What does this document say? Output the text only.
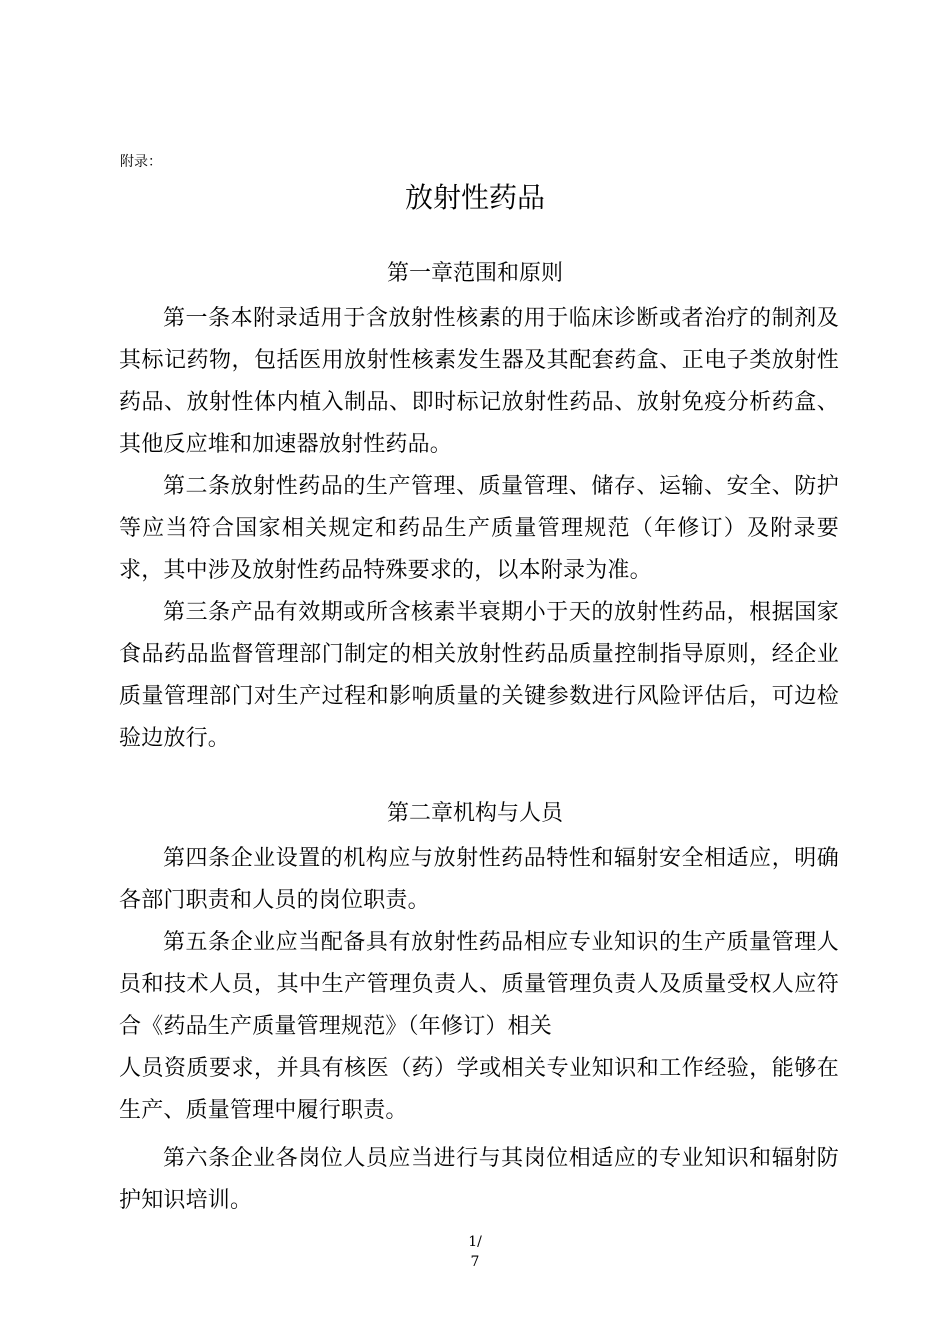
附录：
放射性药品
第一章范围和原则
第一条本附录适用于含放射性核素的用于临床诊断或者治疗的制剂及其标记药物，包括医用放射性核素发生器及其配套药盒、正电子类放射性药品、放射性体内植入制品、即时标记放射性药品、放射免疫分析药盒、其他反应堆和加速器放射性药品。
第二条放射性药品的生产管理、质量管理、储存、运输、安全、防护等应当符合国家相关规定和药品生产质量管理规范（年修订）及附录要求，其中涉及放射性药品特殊要求的，以本附录为准。
第三条产品有效期或所含核素半衰期小于天的放射性药品，根据国家食品药品监督管理部门制定的相关放射性药品质量控制指导原则，经企业质量管理部门对生产过程和影响质量的关键参数进行风险评估后，可边检验边放行。
第二章机构与人员
第四条企业设置的机构应与放射性药品特性和辐射安全相适应，明确各部门职责和人员的岗位职责。
第五条企业应当配备具有放射性药品相应专业知识的生产质量管理人员和技术人员，其中生产管理负责人、质量管理负责人及质量受权人应符合《药品生产质量管理规范》（年修订）相关
人员资质要求，并具有核医（药）学或相关专业知识和工作经验，能够在生产、质量管理中履行职责。
第六条企业各岗位人员应当进行与其岗位相适应的专业知识和辐射防护知识培训。
1/
7
